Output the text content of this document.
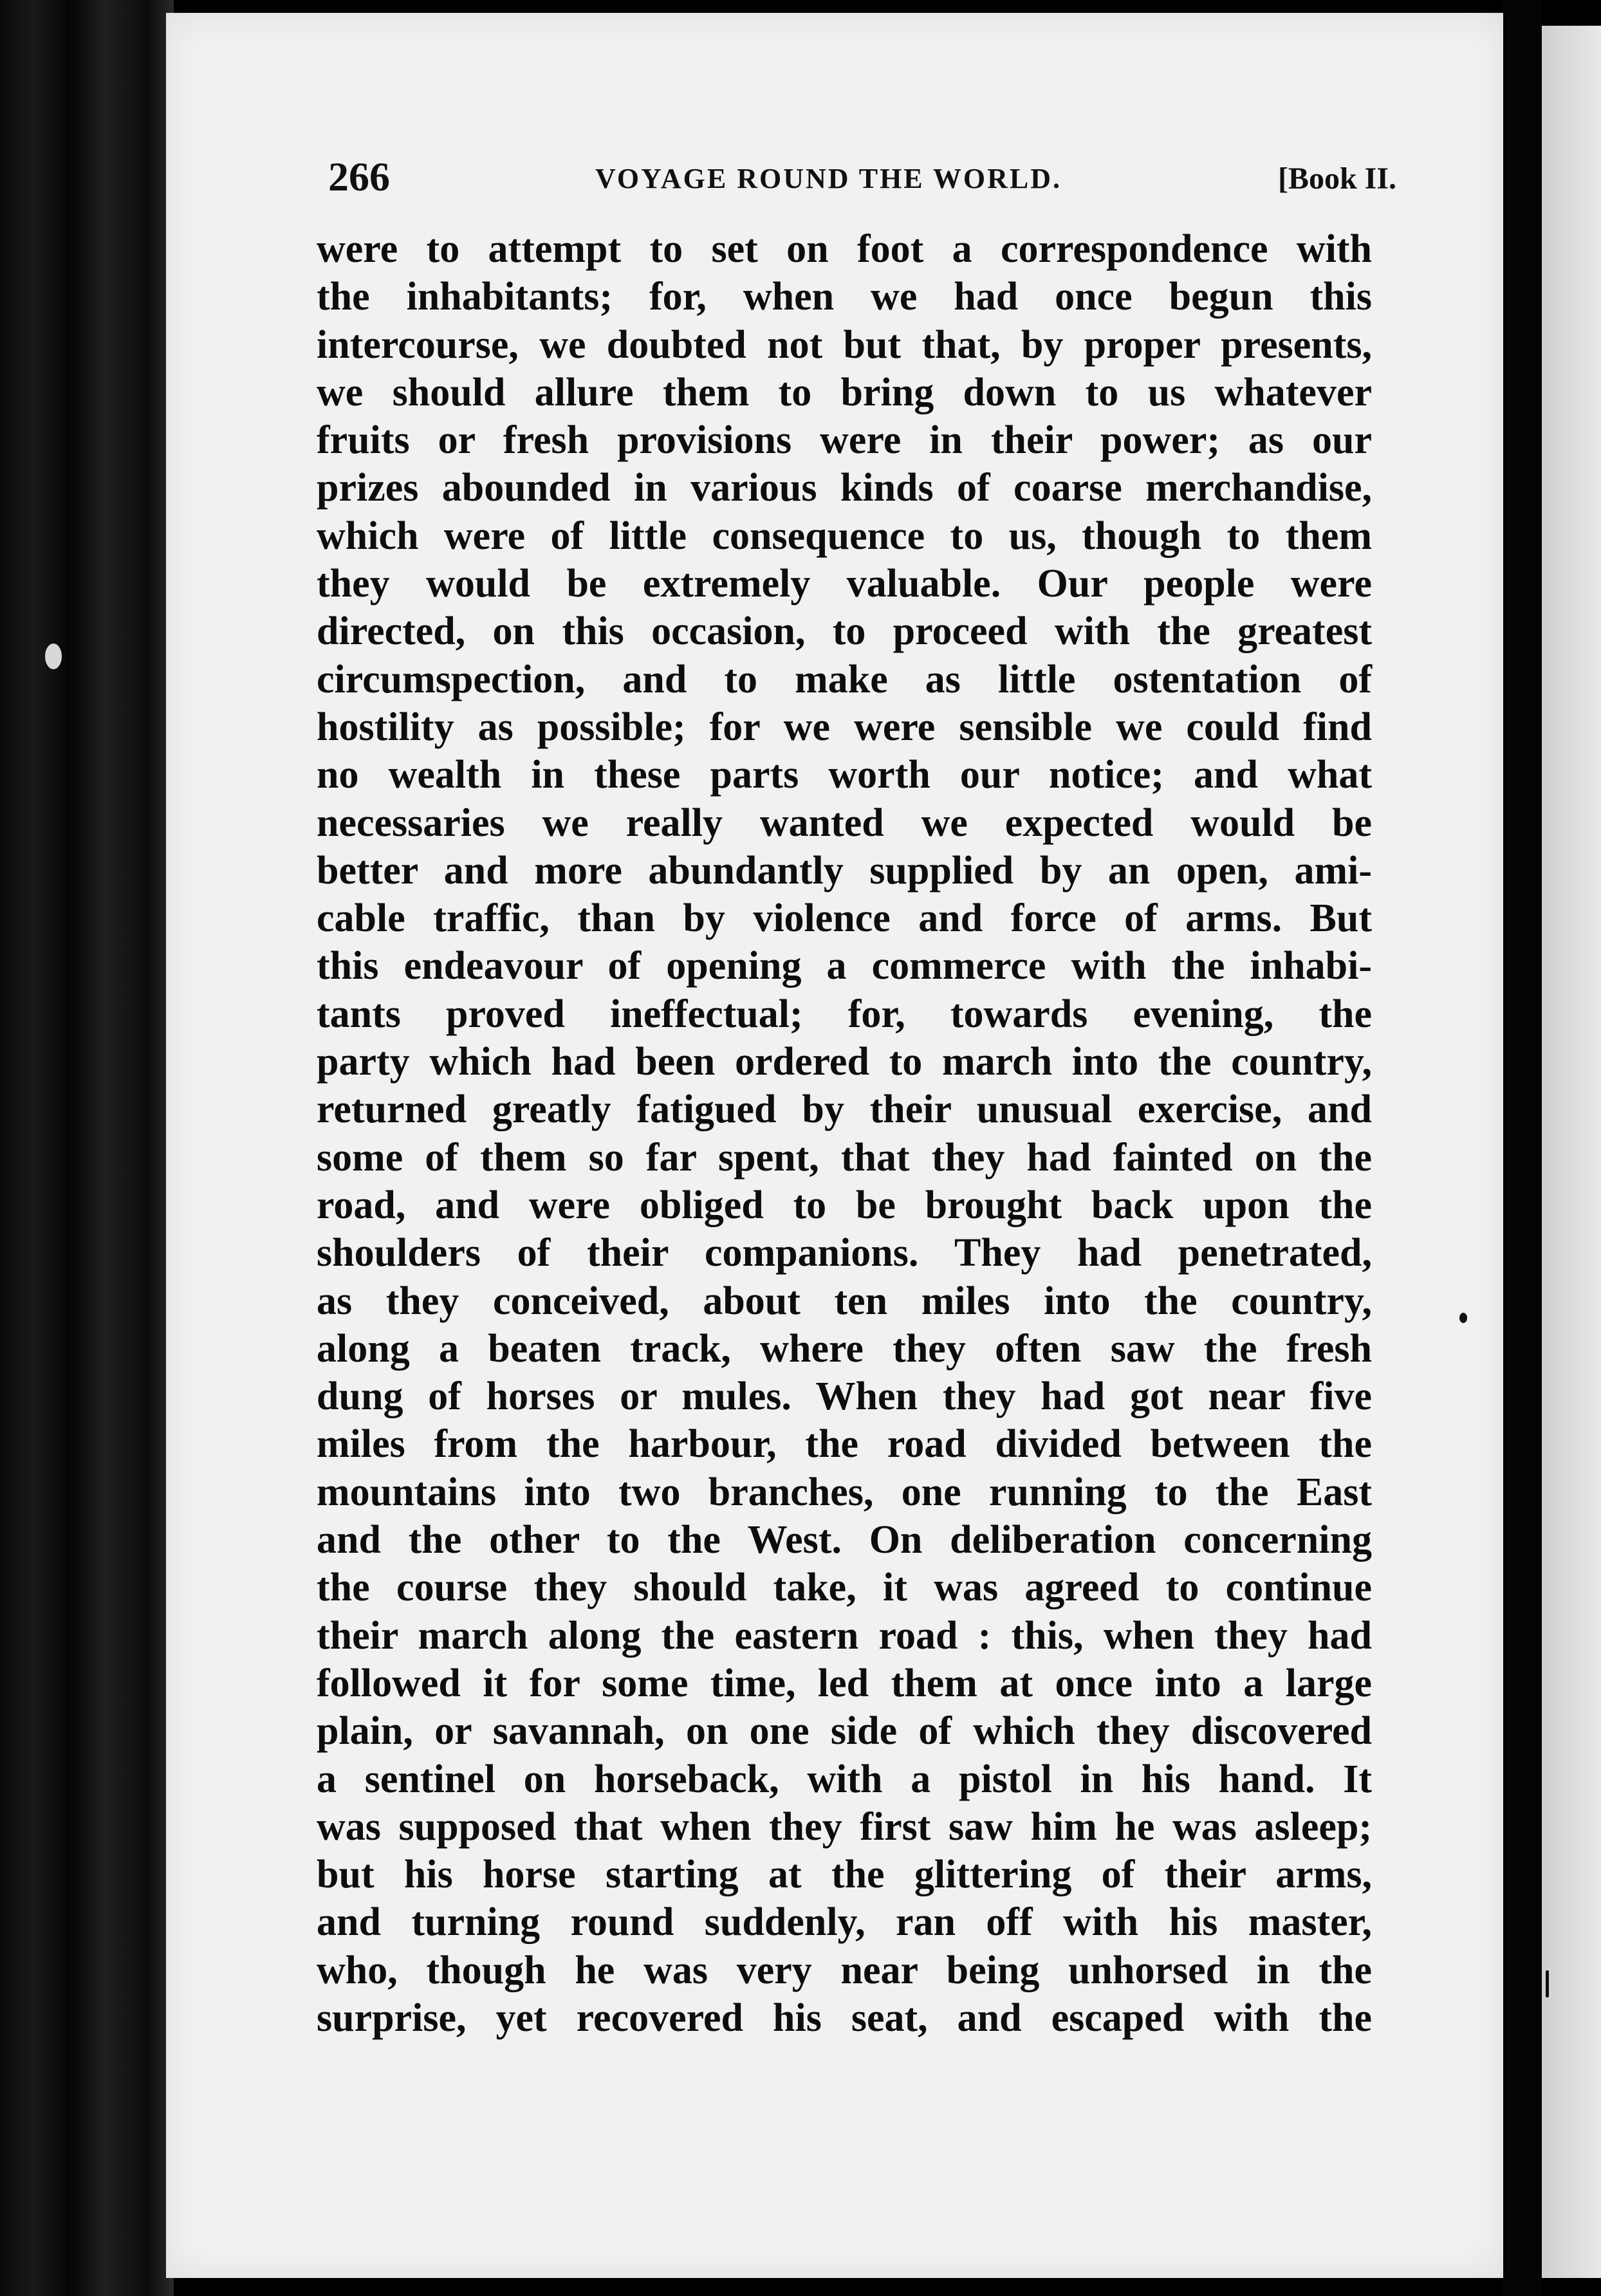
266	VOYAGE ROUND THE WORLD.	[Book II.
were to attempt to set on foot a correspondence with
the inhabitants; for, when we had once begun this
intercourse, we doubted not but that, by proper presents,
we should allure them to bring down to us whatever
fruits or fresh provisions were in their power; as our
prizes abounded in various kinds of coarse merchandise,
which were of little consequence to us, though to them
they would be extremely valuable. Our people were
directed, on this occasion, to proceed with the greatest
circumspection, and to make as little ostentation of
hostility as possible; for we were sensible we could find
no wealth in these parts worth our notice; and what
necessaries we really wanted we expected would be
better and more abundantly supplied by an open, ami-
cable traffic, than by violence and force of arms. But
this endeavour of opening a commerce with the inhabi-
tants proved ineffectual; for, towards evening, the
party which had been ordered to march into the country,
returned greatly fatigued by their unusual exercise, and
some of them so far spent, that they had fainted on the
road, and were obliged to be brought back upon the
shoulders of their companions. They had penetrated,
as they conceived, about ten miles into the country,
along a beaten track, where they often saw the fresh
dung of horses or mules. When they had got near five
miles from the harbour, the road divided between the
mountains into two branches, one running to the East
and the other to the West. On deliberation concerning
the course they should take, it was agreed to continue
their march along the eastern road : this, when they had
followed it for some time, led them at once into a large
plain, or savannah, on one side of which they discovered
a sentinel on horseback, with a pistol in his hand. It
was supposed that when they first saw him he was asleep;
but his horse starting at the glittering of their arms,
and turning round suddenly, ran off with his master,
who, though he was very near being unhorsed in the
surprise, yet recovered his seat, and escaped with the
